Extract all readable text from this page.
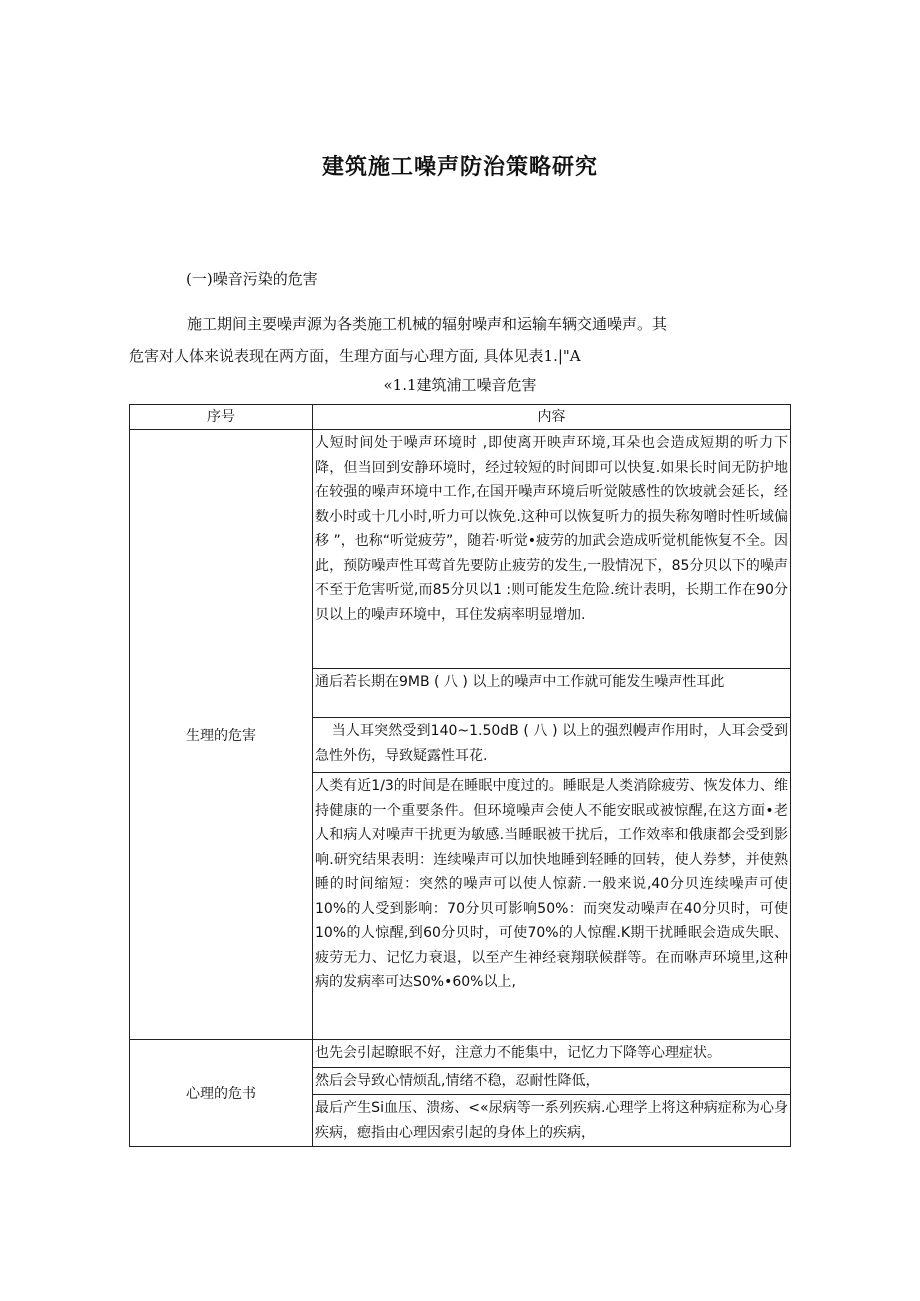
建筑施工噪声防治策略研究
(一)噪音污染的危害
施工期间主要噪声源为各类施工机械的辐射噪声和运输车辆交通噪声。其
危害对人体来说表现在两方面，生理方面与心理方面, 具体见表1.|"A
«1.1建筑浦工噪音危害
序号	内容
生理的危害	人短时间处于噪声环境时 ,即使离开映声环境,耳朵也会造成短期的听力下降，但当回到安静环境时，经过较短的时间即可以快复.如果长时间无防护地在较强的噪声环境中工作,在国开噪声环境后听觉陂感性的饮坡就会延长，经数小时或十几小时,听力可以恢免.这种可以恢复听力的损失称匆噌时性听域偏移 ”，也称“听觉疲劳”，随若·听觉•疲劳的加武会造成听觉机能恢复不全。因此，预防噪声性耳莺首先要防止疲劳的发生,一股情况下，85分贝以下的噪声不至于危害听觉,而85分贝以1 :则可能发生危险.统计表明，长期工作在90分贝以上的噪声环境中，耳住发病率明显增加.
	通后若长期在9MB ( 八 ) 以上的噪声中工作就可能发生噪声性耳此
	当人耳突然受到140~1.50dB ( 八 ) 以上的强烈幔声作用时，人耳会受到急性外伤，导致疑露性耳花.
	人类有近1/3的时间是在睡眠中度过的。睡眠是人类消除疲劳、恢发体力、维持健康的一个重要条件。但环境噪声会使人不能安眠或被惊醒,在这方面•老人和病人对噪声干扰更为敏感.当睡眠被干扰后，工作效率和俄康都会受到影响.研究结果表明：连续噪声可以加快地睡到轻睡的回转，使人券梦，并使熟睡的时间缩短：突然的噪声可以使人惊薪.一般来说,40分贝连续噪声可使10%的人受到影响：70分贝可影响50%：而突发动噪声在40分贝时，可使10%的人惊醒,到60分贝时，可使70%的人惊醒.K期干扰睡眠会造成失眠、疲劳无力、记忆力衰退，以至产生神经衰翔联候群等。在而咻声环境里,这种病的发病率可达S0%•60%以上,
心理的危书	也先会引起瞭眠不好，注意力不能集中，记忆力下降等心理症状。
	然后会导致心情烦乱,情绪不稳，忍耐性降低，
	最后产生Si血压、溃疡、<«尿病等一系列疾病.心理学上将这种病症称为心身疾病，瘛指由心理因索引起的身体上的疾病，
